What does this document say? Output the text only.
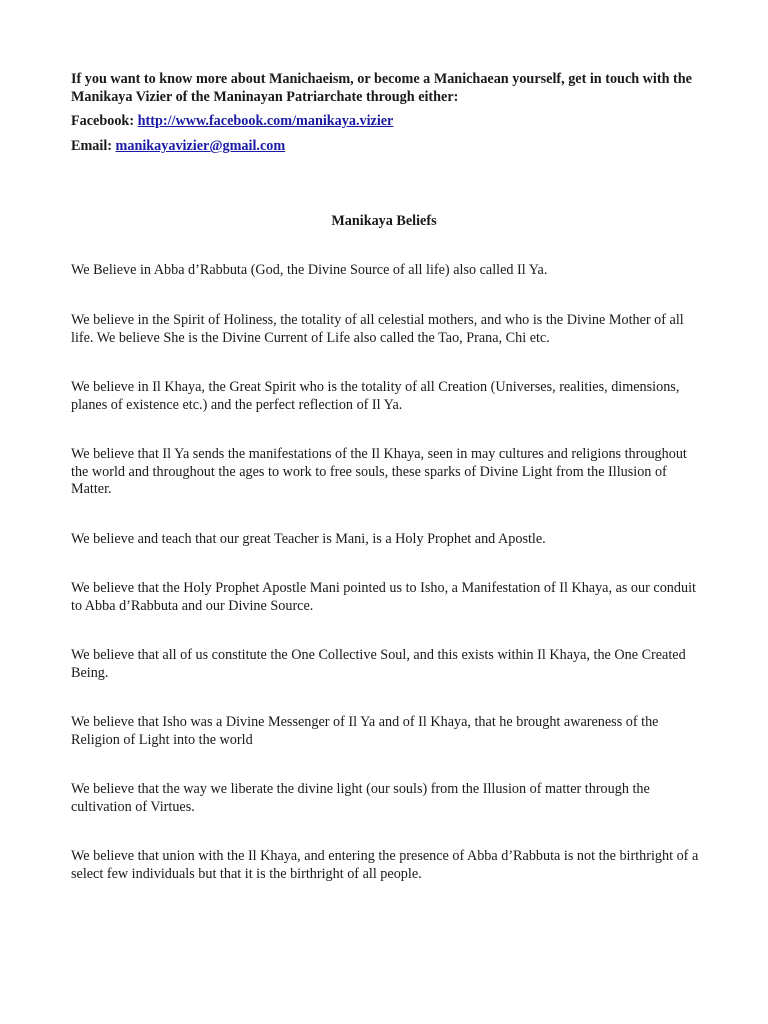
If you want to know more about Manichaeism, or become a Manichaean yourself, get in touch with the Manikaya Vizier of the Maninayan Patriarchate through either:

Facebook: http://www.facebook.com/manikaya.vizier

Email: manikayavizier@gmail.com

Manikaya Beliefs

We Believe in Abba d’Rabbuta (God, the Divine Source of all life) also called Il Ya.

We believe in the Spirit of Holiness, the totality of all celestial mothers, and who is the Divine Mother of all life. We believe She is the Divine Current of Life also called the Tao, Prana, Chi etc.

We believe in Il Khaya, the Great Spirit who is the totality of all Creation (Universes, realities, dimensions, planes of existence etc.) and the perfect reflection of Il Ya.

We believe that Il Ya sends the manifestations of the Il Khaya, seen in may cultures and religions throughout the world and throughout the ages to work to free souls, these sparks of Divine Light from the Illusion of Matter.

We believe and teach that our great Teacher is Mani, is a Holy Prophet and Apostle.

We believe that the Holy Prophet Apostle Mani pointed us to Isho, a Manifestation of Il Khaya, as our conduit to Abba d’Rabbuta and our Divine Source.

We believe that all of us constitute the One Collective Soul, and this exists within Il Khaya, the One Created Being.

We believe that Isho was a Divine Messenger of Il Ya and of Il Khaya, that he brought awareness of the Religion of Light into the world

We believe that the way we liberate the divine light (our souls) from the Illusion of matter through the cultivation of Virtues.

We believe that union with the Il Khaya, and entering the presence of Abba d’Rabbuta is not the birthright of a select few individuals but that it is the birthright of all people.
